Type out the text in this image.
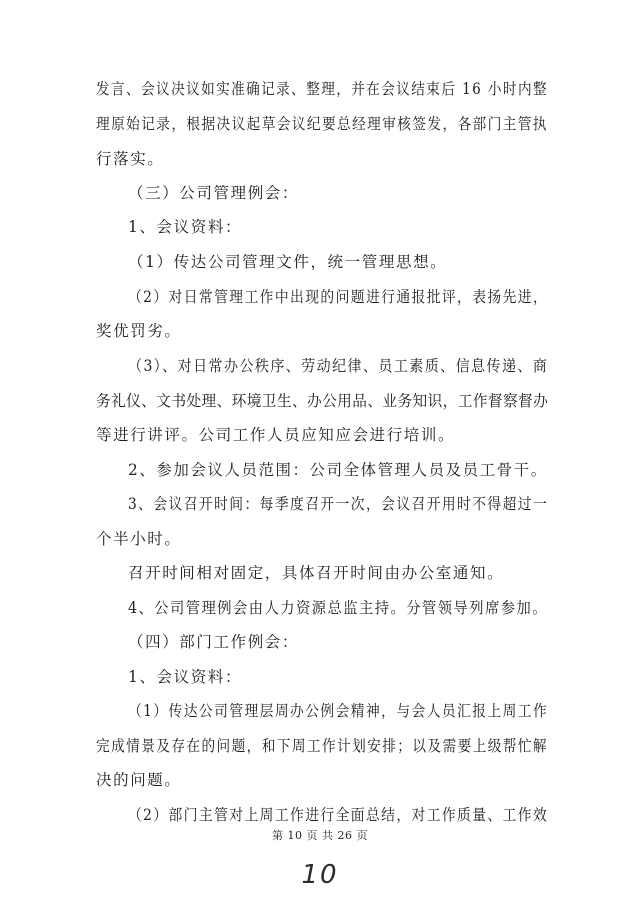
发言、会议决议如实准确记录、整理，并在会议结束后 16 小时内整
理原始记录，根据决议起草会议纪要总经理审核签发，各部门主管执
行落实。
（三）公司管理例会：
1、会议资料：
（1）传达公司管理文件，统一管理思想。
（2）对日常管理工作中出现的问题进行通报批评，表扬先进，
奖优罚劣。
（3）、对日常办公秩序、劳动纪律、员工素质、信息传递、商
务礼仪、文书处理、环境卫生、办公用品、业务知识，工作督察督办
等进行讲评。公司工作人员应知应会进行培训。
2、参加会议人员范围：公司全体管理人员及员工骨干。
3、会议召开时间：每季度召开一次，会议召开用时不得超过一
个半小时。
召开时间相对固定，具体召开时间由办公室通知。
4、公司管理例会由人力资源总监主持。分管领导列席参加。
（四）部门工作例会：
1、会议资料：
（1）传达公司管理层周办公例会精神，与会人员汇报上周工作
完成情景及存在的问题，和下周工作计划安排；以及需要上级帮忙解
决的问题。
（2）部门主管对上周工作进行全面总结，对工作质量、工作效
第 10 页 共 26 页
10
